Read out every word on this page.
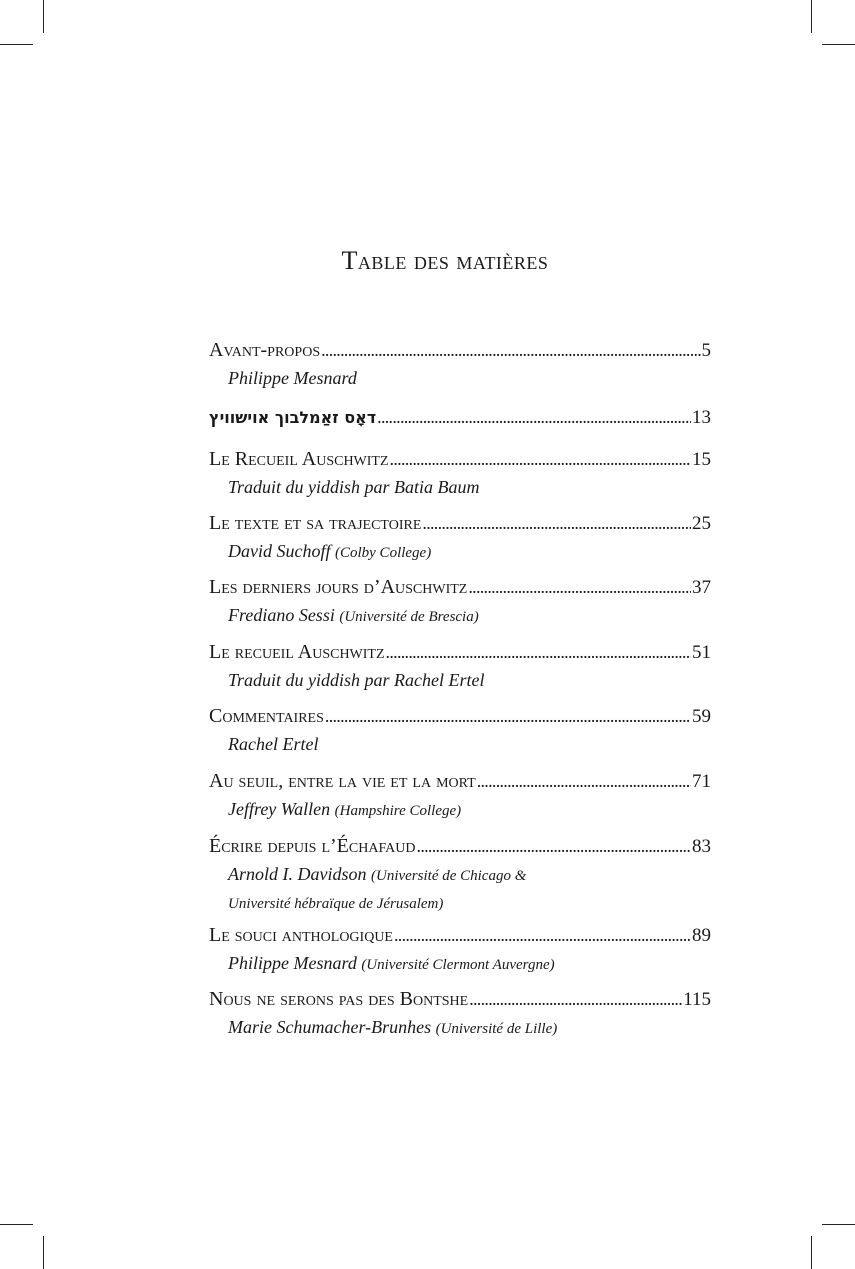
Table des matières
Avant-propos . . .	5
Philippe Mesnard
דאָס זאַמלבוך אוישוויץ . . .	13
Le Recueil Auschwitz . . .	15
Traduit du yiddish par Batia Baum
Le texte et sa trajectoire . . .	25
David Suchoff (Colby College)
Les derniers jours d’Auschwitz . . .	37
Frediano Sessi (Université de Brescia)
Le recueil Auschwitz . . .	51
Traduit du yiddish par Rachel Ertel
Commentaires . . .	59
Rachel Ertel
Au seuil, entre la vie et la mort . . .	71
Jeffrey Wallen (Hampshire College)
Écrire depuis l’Échafaud . . .	83
Arnold I. Davidson (Université de Chicago &
Université hébraïque de Jérusalem)
Le souci anthologique . . .	89
Philippe Mesnard (Université Clermont Auvergne)
Nous ne serons pas des Bontshe . . .	115
Marie Schumacher-Brunhes (Université de Lille)
